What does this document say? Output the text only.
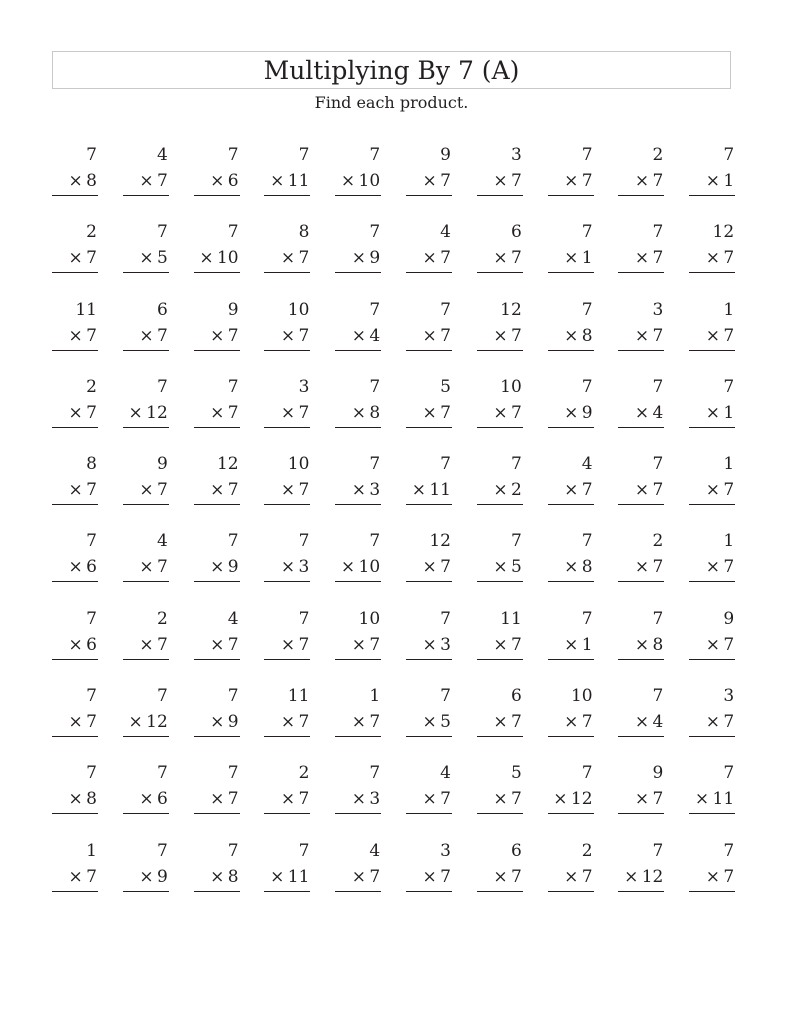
Multiplying By 7 (A)
Find each product.
7
× 8
4
× 7
7
× 6
7
× 11
7
× 10
9
× 7
3
× 7
7
× 7
2
× 7
7
× 1
2
× 7
7
× 5
7
× 10
8
× 7
7
× 9
4
× 7
6
× 7
7
× 1
7
× 7
12
× 7
11
× 7
6
× 7
9
× 7
10
× 7
7
× 4
7
× 7
12
× 7
7
× 8
3
× 7
1
× 7
2
× 7
7
× 12
7
× 7
3
× 7
7
× 8
5
× 7
10
× 7
7
× 9
7
× 4
7
× 1
8
× 7
9
× 7
12
× 7
10
× 7
7
× 3
7
× 11
7
× 2
4
× 7
7
× 7
1
× 7
7
× 6
4
× 7
7
× 9
7
× 3
7
× 10
12
× 7
7
× 5
7
× 8
2
× 7
1
× 7
7
× 6
2
× 7
4
× 7
7
× 7
10
× 7
7
× 3
11
× 7
7
× 1
7
× 8
9
× 7
7
× 7
7
× 12
7
× 9
11
× 7
1
× 7
7
× 5
6
× 7
10
× 7
7
× 4
3
× 7
7
× 8
7
× 6
7
× 7
2
× 7
7
× 3
4
× 7
5
× 7
7
× 12
9
× 7
7
× 11
1
× 7
7
× 9
7
× 8
7
× 11
4
× 7
3
× 7
6
× 7
2
× 7
7
× 12
7
× 7
